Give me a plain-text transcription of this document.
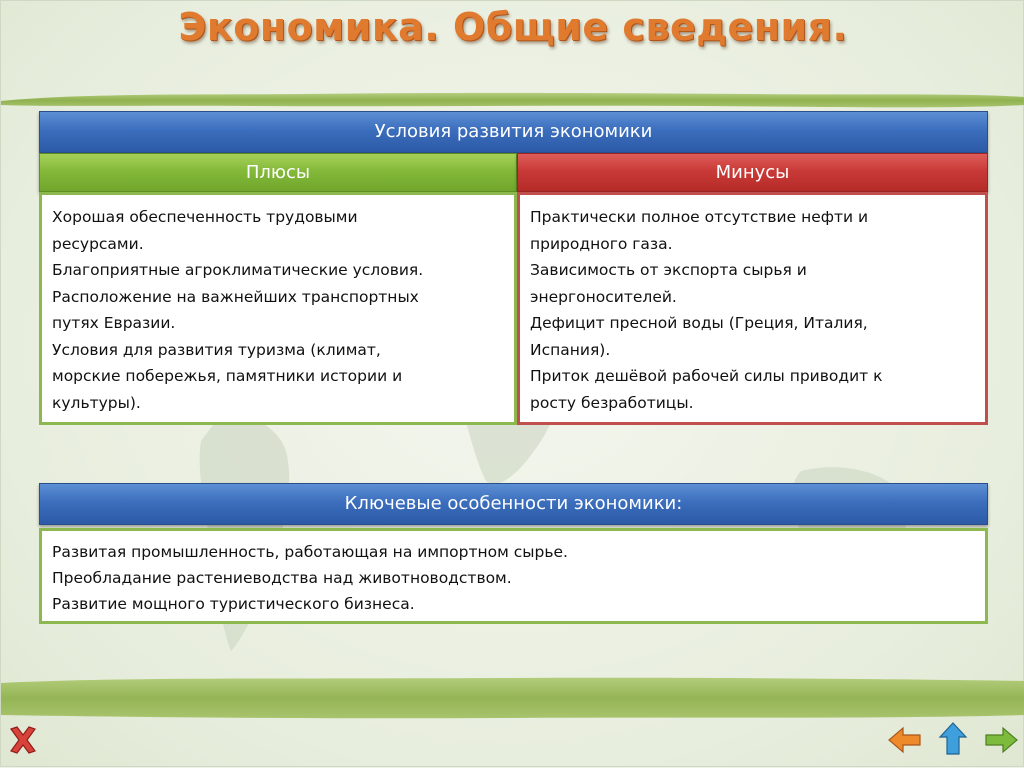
Экономика. Общие сведения.
Условия развития экономики
Плюсы	Минусы
Хорошая обеспеченность трудовыми
ресурсами.
Благоприятные агроклиматические условия.
Расположение на важнейших транспортных
путях Евразии.
Условия для развития туризма (климат,
морские побережья, памятники истории и
культуры).
Практически полное отсутствие нефти и
природного газа.
Зависимость от экспорта сырья и
энергоносителей.
Дефицит пресной воды (Греция, Италия,
Испания).
Приток дешёвой рабочей силы приводит к
росту безработицы.
Ключевые особенности экономики:
Развитая промышленность, работающая на импортном сырье.
Преобладание растениеводства над животноводством.
Развитие мощного туристического бизнеса.
